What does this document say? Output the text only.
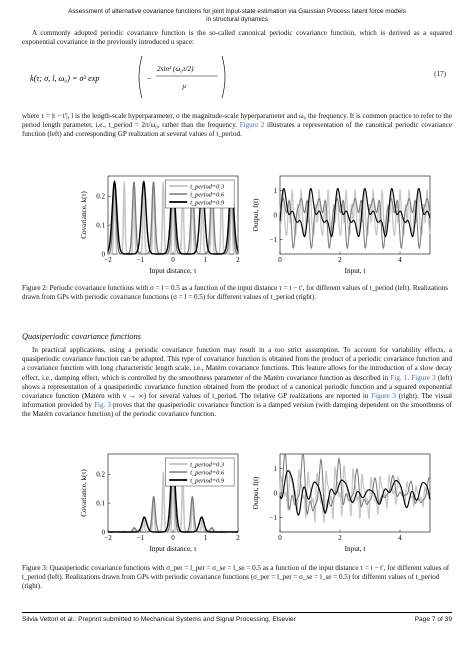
Assessment of alternative covariance functions for joint input-state estimation via Gaussian Process latent force models
in structural dynamics
A commonly adopted periodic covariance function is the so-called canonical periodic covariance function, which is derived as a squared exponential covariance in the previously introduced u space:
k(τ; σ, l, ω₀) = σ² exp	−
2sin² (ω₀τ/2)
l²
(17)
where τ = |t − t′|, l is the length-scale hyperparameter, σ the magnitude-scale hyperparameter and ω₀ the frequency. It is common practice to refer to the period length parameter, i.e., t_period = 2π/ω₀, rather than the frequency. Figure 2 illustrates a representation of the canonical periodic covariance function (left) and corresponding GP realization at several values of t_period.
−2	−1	0	1	2
0
0.1
0.2
Input distance, τ
Covariance, k(τ)
t_period=0.3
t_period=0.6
t_period=0.9
0	2	4
−1
0
1
Input, t
Output, f(t)
Figure 2: Periodic covariance functions with σ = l = 0.5 as a function of the input distance τ = t − t′, for different values of t_period (left). Realizations drawn from GPs with periodic covariance functions (σ = l = 0.5) for different values of t_period (right).
Quasiperiodic covariance functions
In practical applications, using a periodic covariance function may result in a too strict assumption. To account for variability effects, a quasiperiodic covariance function can be adopted. This type of covariance function is obtained from the product of a periodic covariance function and a covariance function with long characteristic length scale, i.e., Matérn covariance functions. This feature allows for the introduction of a slow decay effect, i.e., damping effect, which is controlled by the smoothness parameter of the Matérn covariance function as described in Fig. 1. Figure 3 (left) shows a representation of a quasiperiodic covariance function obtained from the product of a canonical periodic function and a squared exponential covariance function (Matérn with ν → ∞) for several values of t_period. The relative GP realizations are reported in Figure 3 (right). The visual information provided by Fig. 3 proves that the quasiperiodic covariance function is a damped version (with damping dependent on the smoothness of the Matérn covariance function) of the periodic covariance function.
−2	−1	0	1	2
0
0.1
0.2
Input distance, τ
Covariance, k(τ)
t_period=0.3
t_period=0.6
t_period=0.9
0	2	4
−1
0
1
Input, t
Output, f(t)
Figure 3: Quasiperiodic covariance functions with σ_per = l_per = σ_se = l_se = 0.5 as a function of the input distance τ = t − t′, for different values of t_period (left). Realizations drawn from GPs with periodic covariance functions (σ_per = l_per = σ_se = l_se = 0.5) for different values of t_period (right).
Silvia Vettori et al.: Preprint submitted to Mechanical Systems and Signal Processing, Elsevier	Page 7 of 39
